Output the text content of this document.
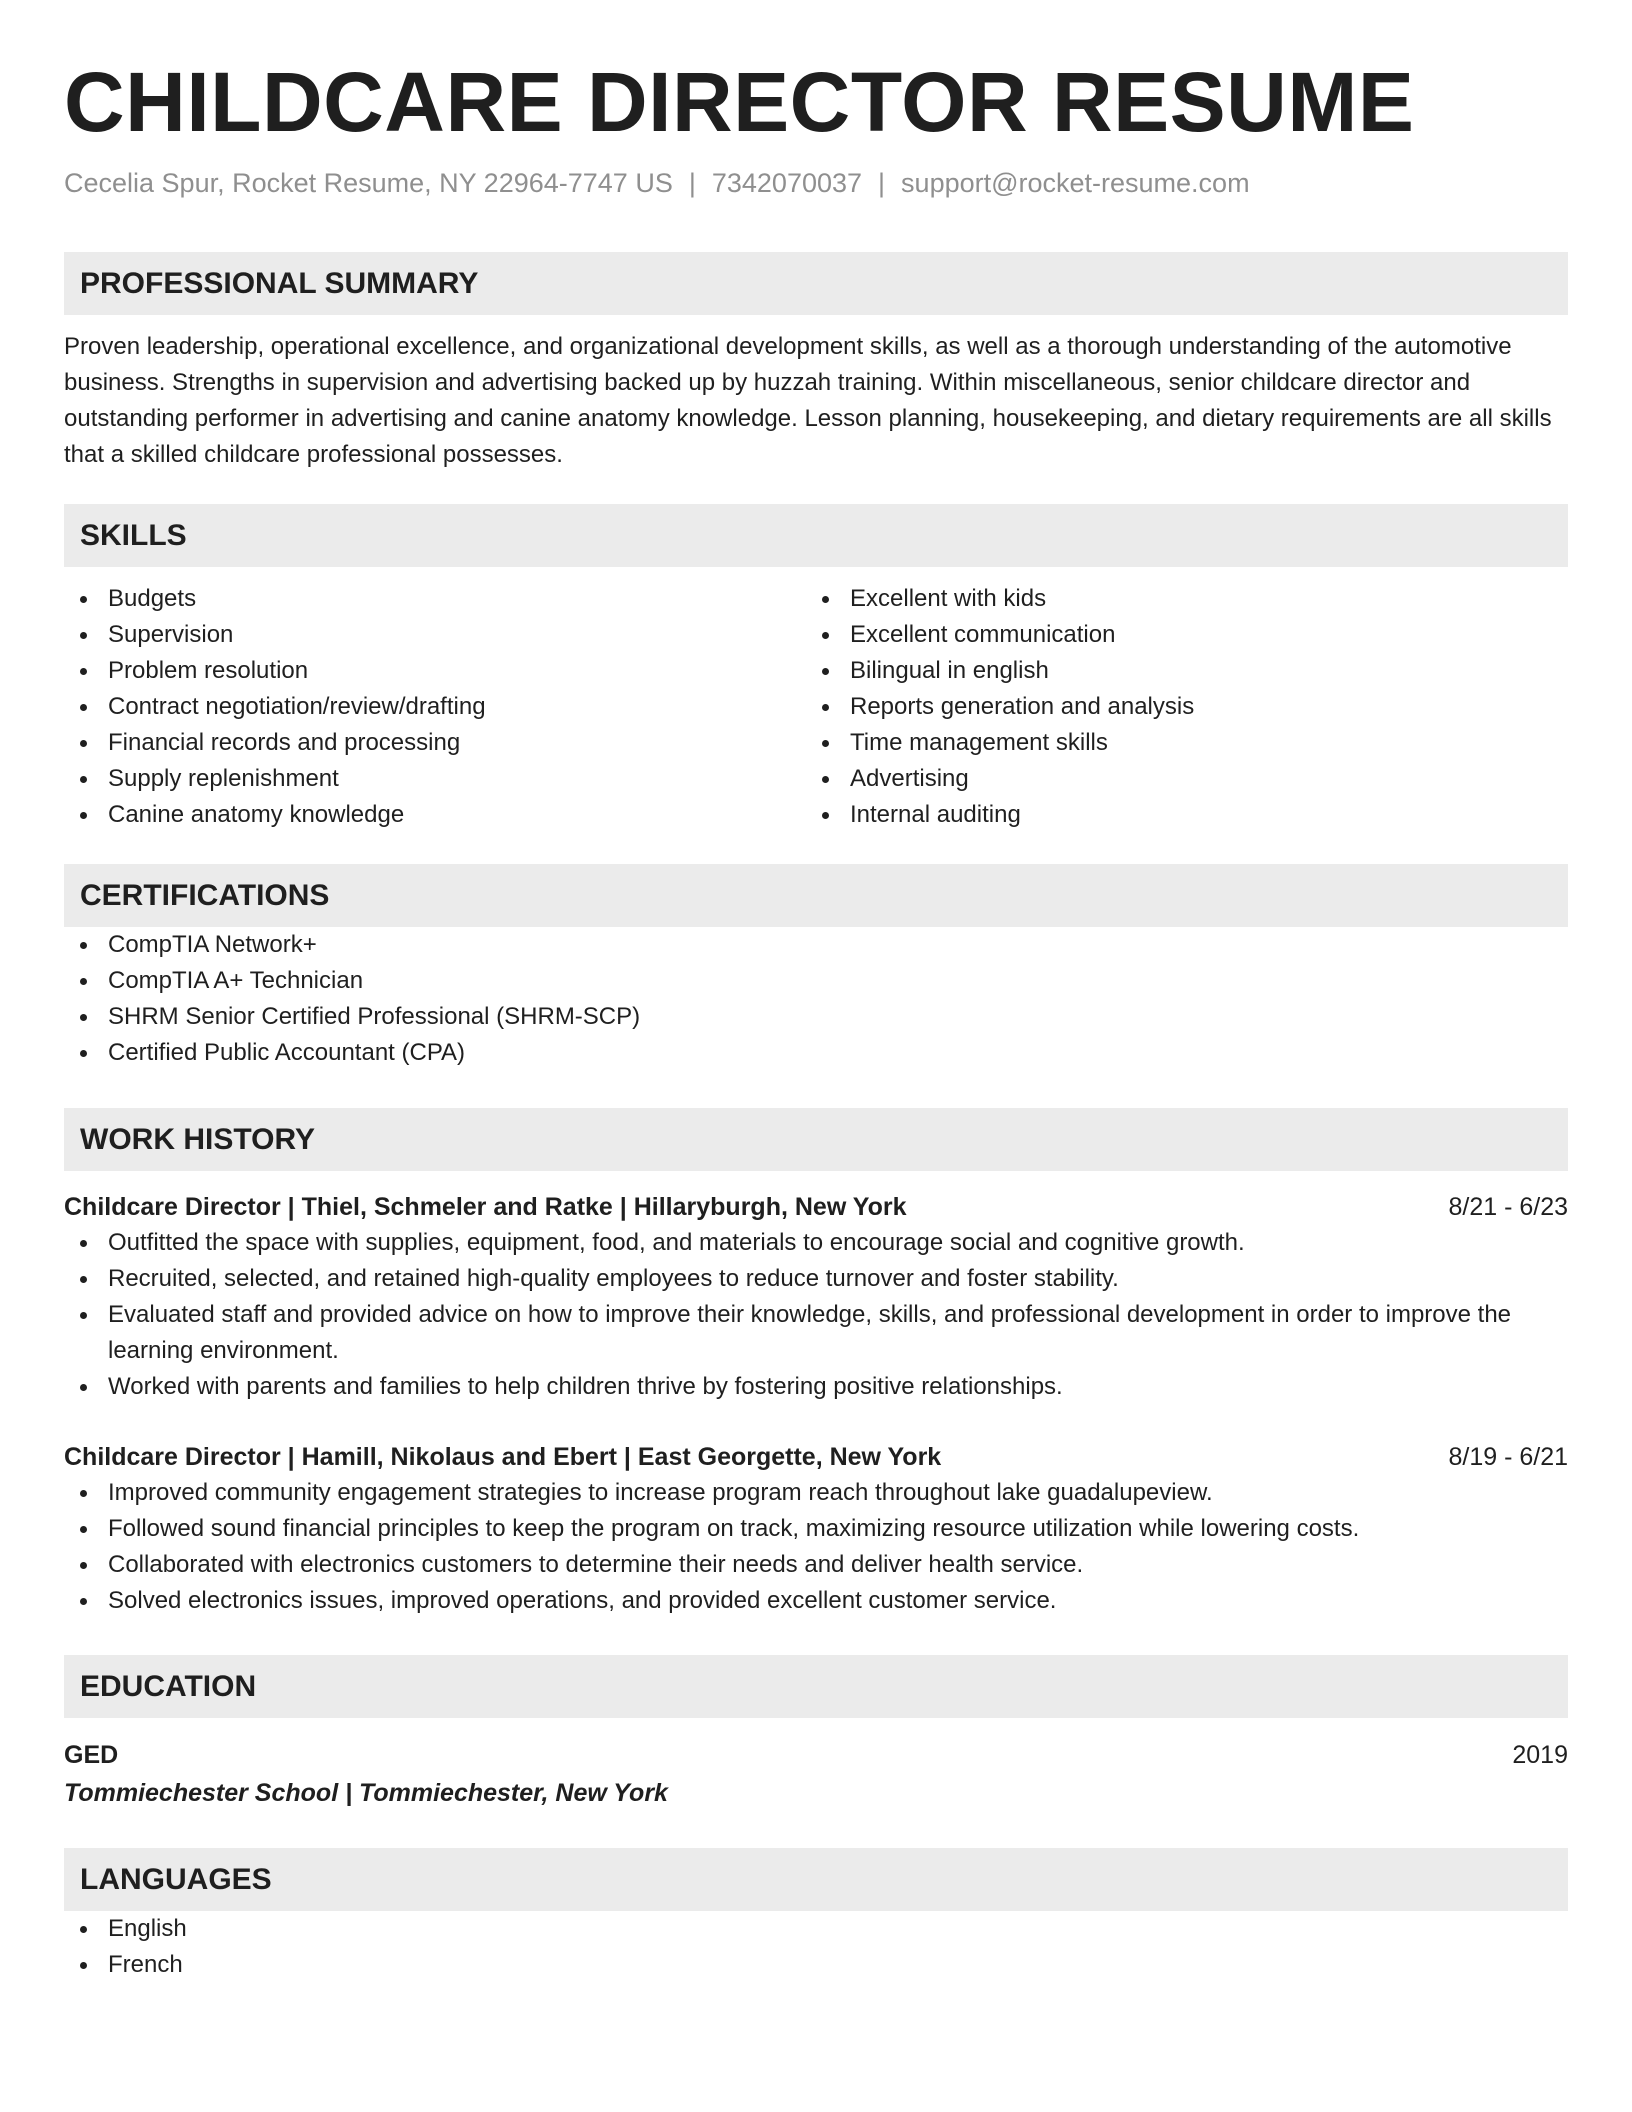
CHILDCARE DIRECTOR RESUME
Cecelia Spur, Rocket Resume, NY 22964-7747 US | 7342070037 | support@rocket-resume.com
PROFESSIONAL SUMMARY
Proven leadership, operational excellence, and organizational development skills, as well as a thorough understanding of the automotive business. Strengths in supervision and advertising backed up by huzzah training. Within miscellaneous, senior childcare director and outstanding performer in advertising and canine anatomy knowledge. Lesson planning, housekeeping, and dietary requirements are all skills that a skilled childcare professional possesses.
SKILLS
Budgets
Supervision
Problem resolution
Contract negotiation/review/drafting
Financial records and processing
Supply replenishment
Canine anatomy knowledge
Excellent with kids
Excellent communication
Bilingual in english
Reports generation and analysis
Time management skills
Advertising
Internal auditing
CERTIFICATIONS
CompTIA Network+
CompTIA A+ Technician
SHRM Senior Certified Professional (SHRM-SCP)
Certified Public Accountant (CPA)
WORK HISTORY
Childcare Director | Thiel, Schmeler and Ratke | Hillaryburgh, New York	8/21 - 6/23
Outfitted the space with supplies, equipment, food, and materials to encourage social and cognitive growth.
Recruited, selected, and retained high-quality employees to reduce turnover and foster stability.
Evaluated staff and provided advice on how to improve their knowledge, skills, and professional development in order to improve the learning environment.
Worked with parents and families to help children thrive by fostering positive relationships.
Childcare Director | Hamill, Nikolaus and Ebert | East Georgette, New York	8/19 - 6/21
Improved community engagement strategies to increase program reach throughout lake guadalupeview.
Followed sound financial principles to keep the program on track, maximizing resource utilization while lowering costs.
Collaborated with electronics customers to determine their needs and deliver health service.
Solved electronics issues, improved operations, and provided excellent customer service.
EDUCATION
GED	2019
Tommiechester School | Tommiechester, New York
LANGUAGES
English
French
